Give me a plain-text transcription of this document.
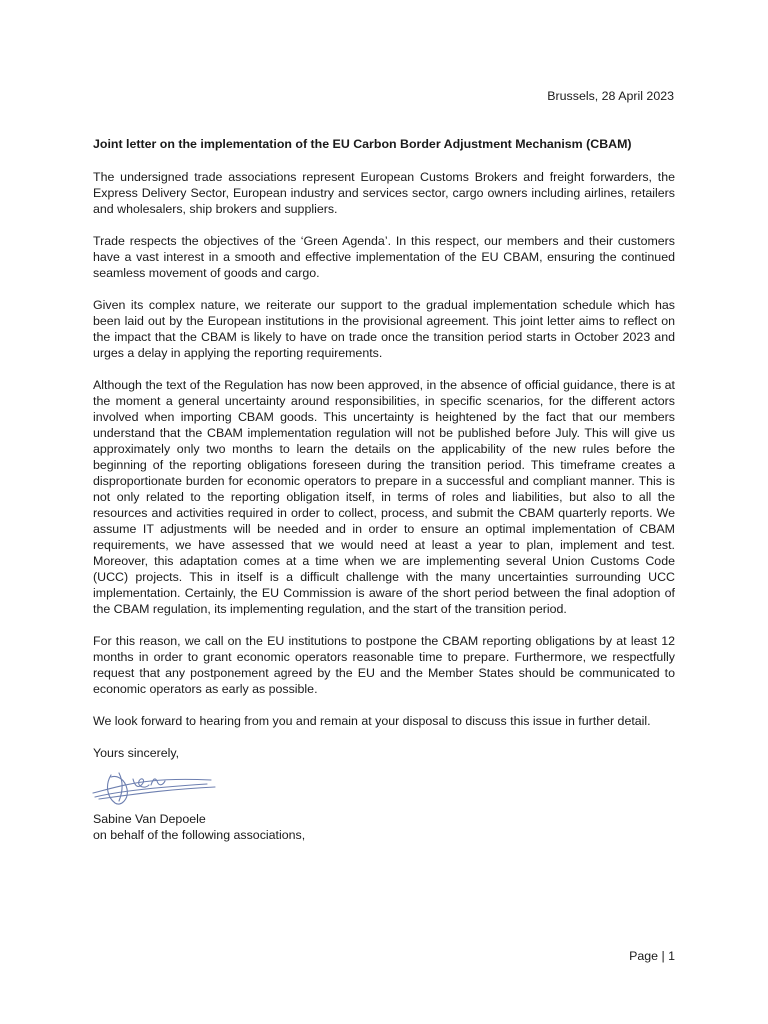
Brussels, 28 April 2023
Joint letter on the implementation of the EU Carbon Border Adjustment Mechanism (CBAM)

The undersigned trade associations represent European Customs Brokers and freight forwarders, the Express Delivery Sector, European industry and services sector, cargo owners including airlines, retailers and wholesalers, ship brokers and suppliers.

Trade respects the objectives of the ‘Green Agenda’. In this respect, our members and their customers have a vast interest in a smooth and effective implementation of the EU CBAM, ensuring the continued seamless movement of goods and cargo.

Given its complex nature, we reiterate our support to the gradual implementation schedule which has been laid out by the European institutions in the provisional agreement. This joint letter aims to reflect on the impact that the CBAM is likely to have on trade once the transition period starts in October 2023 and urges a delay in applying the reporting requirements.

Although the text of the Regulation has now been approved, in the absence of official guidance, there is at the moment a general uncertainty around responsibilities, in specific scenarios, for the different actors involved when importing CBAM goods. This uncertainty is heightened by the fact that our members understand that the CBAM implementation regulation will not be published before July. This will give us approximately only two months to learn the details on the applicability of the new rules before the beginning of the reporting obligations foreseen during the transition period. This timeframe creates a disproportionate burden for economic operators to prepare in a successful and compliant manner. This is not only related to the reporting obligation itself, in terms of roles and liabilities, but also to all the resources and activities required in order to collect, process, and submit the CBAM quarterly reports. We assume IT adjustments will be needed and in order to ensure an optimal implementation of CBAM requirements, we have assessed that we would need at least a year to plan, implement and test. Moreover, this adaptation comes at a time when we are implementing several Union Customs Code (UCC) projects. This in itself is a difficult challenge with the many uncertainties surrounding UCC implementation. Certainly, the EU Commission is aware of the short period between the final adoption of the CBAM regulation, its implementing regulation, and the start of the transition period.

For this reason, we call on the EU institutions to postpone the CBAM reporting obligations by at least 12 months in order to grant economic operators reasonable time to prepare. Furthermore, we respectfully request that any postponement agreed by the EU and the Member States should be communicated to economic operators as early as possible.

We look forward to hearing from you and remain at your disposal to discuss this issue in further detail.

Yours sincerely,
Sabine Van Depoele
on behalf of the following associations,
Page | 1
